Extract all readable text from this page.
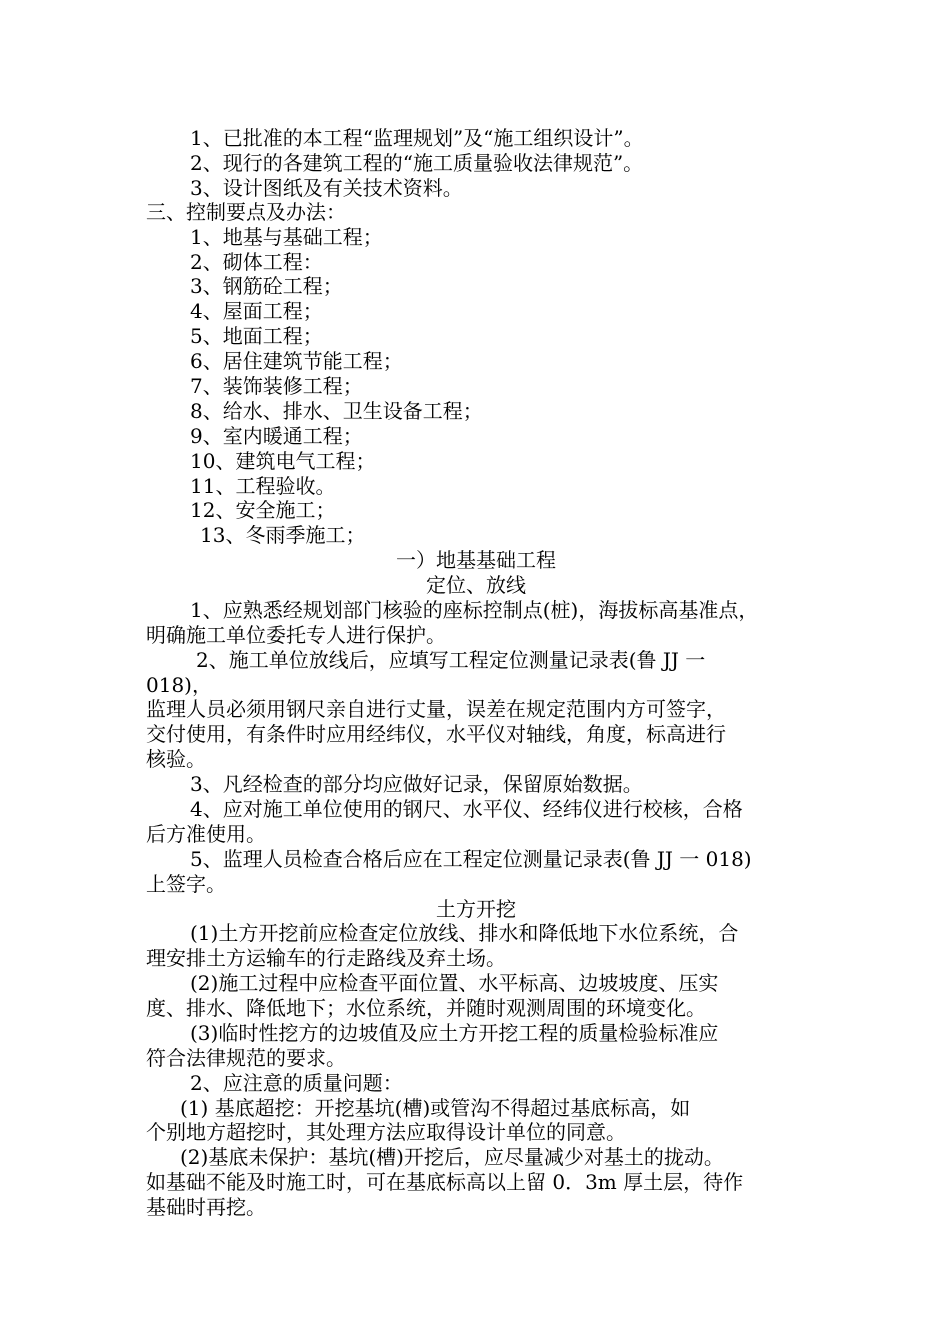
1、已批准的本工程“监理规划”及“施工组织设计”。
2、现行的各建筑工程的“施工质量验收法律规范”。
3、设计图纸及有关技术资料。
三、控制要点及办法：
1、地基与基础工程；
2、砌体工程：
3、钢筋砼工程；
4、屋面工程；
5、地面工程；
6、居住建筑节能工程；
7、装饰装修工程；
8、给水、排水、卫生设备工程；
9、室内暖通工程；
10、建筑电气工程；
11、工程验收。
12、安全施工；
13、冬雨季施工；
一）地基基础工程
定位、放线
1、应熟悉经规划部门核验的座标控制点(桩)，海拔标高基准点，
明确施工单位委托专人进行保护。
2、施工单位放线后，应填写工程定位测量记录表(鲁 JJ 一
018)，
监理人员必须用钢尺亲自进行丈量，误差在规定范围内方可签字，
交付使用，有条件时应用经纬仪，水平仪对轴线，角度，标高进行
核验。
3、凡经检查的部分均应做好记录，保留原始数据。
4、应对施工单位使用的钢尺、水平仪、经纬仪进行校核，合格
后方准使用。
5、监理人员检查合格后应在工程定位测量记录表(鲁 JJ 一 018)
上签字。
土方开挖
(1)土方开挖前应检查定位放线、排水和降低地下水位系统，合
理安排土方运输车的行走路线及弃土场。
(2)施工过程中应检查平面位置、水平标高、边坡坡度、压实
度、排水、降低地下；水位系统，并随时观测周围的环境变化。
(3)临时性挖方的边坡值及应土方开挖工程的质量检验标准应
符合法律规范的要求。
2、应注意的质量问题：
(1) 基底超挖：开挖基坑(槽)或管沟不得超过基底标高，如
个别地方超挖时，其处理方法应取得设计单位的同意。
(2)基底未保护：基坑(槽)开挖后，应尽量减少对基土的拢动。
如基础不能及时施工时，可在基底标高以上留 0．3m 厚土层，待作
基础时再挖。
